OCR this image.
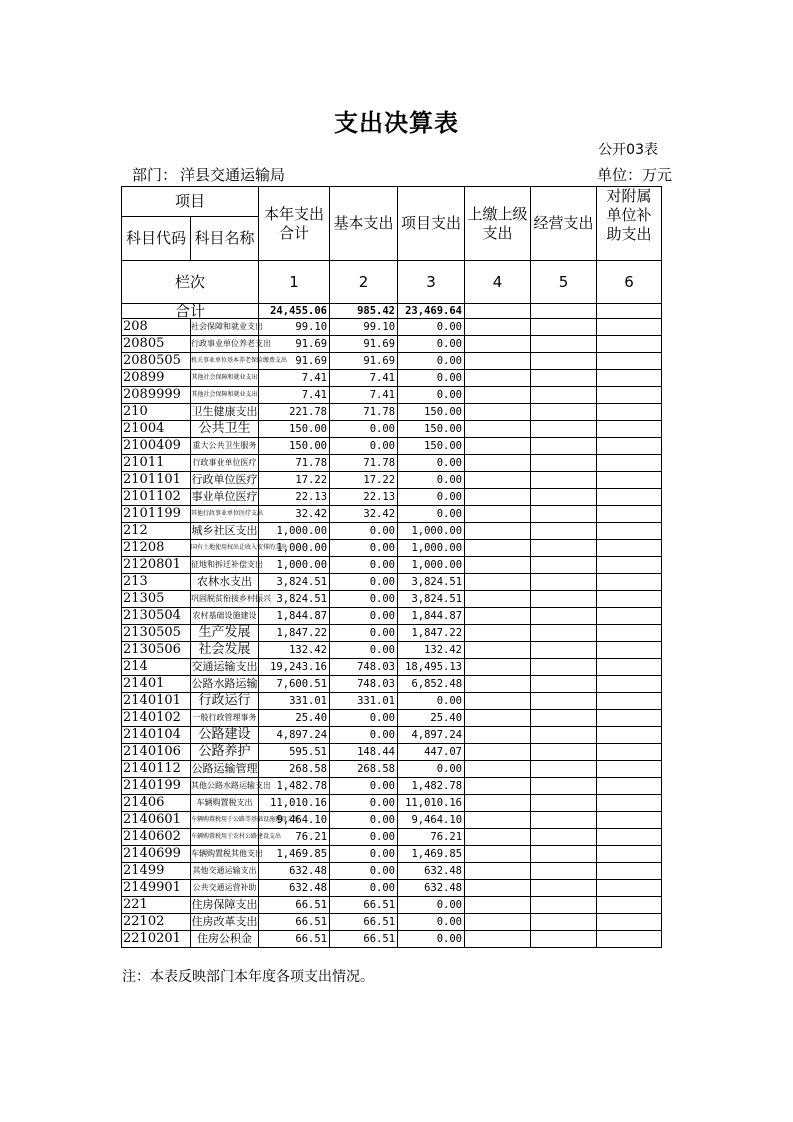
支出决算表
公开03表
部门： 洋县交通运输局	单位：万元
项目		本年支出合计	基本支出	项目支出	上缴上级支出	经营支出	对附属单位补助支出

科目代码	科目名称						
栏次		1	2	3	4	5	6
合计		24,455.06	985.42	23,469.64			
208	社会保障和就业支出	99.10	99.10	0.00			
20805	行政事业单位养老支出	91.69	91.69	0.00			
2080505	机关事业单位基本养老保险缴费支出	91.69	91.69	0.00			
20899	其他社会保障和就业支出	7.41	7.41	0.00			
2089999	其他社会保障和就业支出	7.41	7.41	0.00			
210	卫生健康支出	221.78	71.78	150.00			
21004	公共卫生	150.00	0.00	150.00			
2100409	重大公共卫生服务	150.00	0.00	150.00			
21011	行政事业单位医疗	71.78	71.78	0.00			
2101101	行政单位医疗	17.22	17.22	0.00			
2101102	事业单位医疗	22.13	22.13	0.00			
2101199	其他行政事业单位医疗支出	32.42	32.42	0.00			
212	城乡社区支出	1,000.00	0.00	1,000.00			
21208	国有土地使用权出让收入安排的支出	1,000.00	0.00	1,000.00			
2120801	征地和拆迁补偿支出	1,000.00	0.00	1,000.00			
213	农林水支出	3,824.51	0.00	3,824.51			
21305	巩固脱贫衔接乡村振兴	3,824.51	0.00	3,824.51			
2130504	农村基础设施建设	1,844.87	0.00	1,844.87			
2130505	生产发展	1,847.22	0.00	1,847.22			
2130506	社会发展	132.42	0.00	132.42			
214	交通运输支出	19,243.16	748.03	18,495.13			
21401	公路水路运输	7,600.51	748.03	6,852.48			
2140101	行政运行	331.01	331.01	0.00			
2140102	一般行政管理事务	25.40	0.00	25.40			
2140104	公路建设	4,897.24	0.00	4,897.24			
2140106	公路养护	595.51	148.44	447.07			
2140112	公路运输管理	268.58	268.58	0.00			
2140199	其他公路水路运输支出	1,482.78	0.00	1,482.78			
21406	车辆购置税支出	11,010.16	0.00	11,010.16			
2140601	车辆购置税用于公路等基础设施建设支出	9,464.10	0.00	9,464.10			
2140602	车辆购置税用于农村公路建设支出	76.21	0.00	76.21			
2140699	车辆购置税其他支出	1,469.85	0.00	1,469.85			
21499	其他交通运输支出	632.48	0.00	632.48			
2149901	公共交通运营补助	632.48	0.00	632.48			
221	住房保障支出	66.51	66.51	0.00			
22102	住房改革支出	66.51	66.51	0.00			
2210201	住房公积金	66.51	66.51	0.00			
注：本表反映部门本年度各项支出情况。
